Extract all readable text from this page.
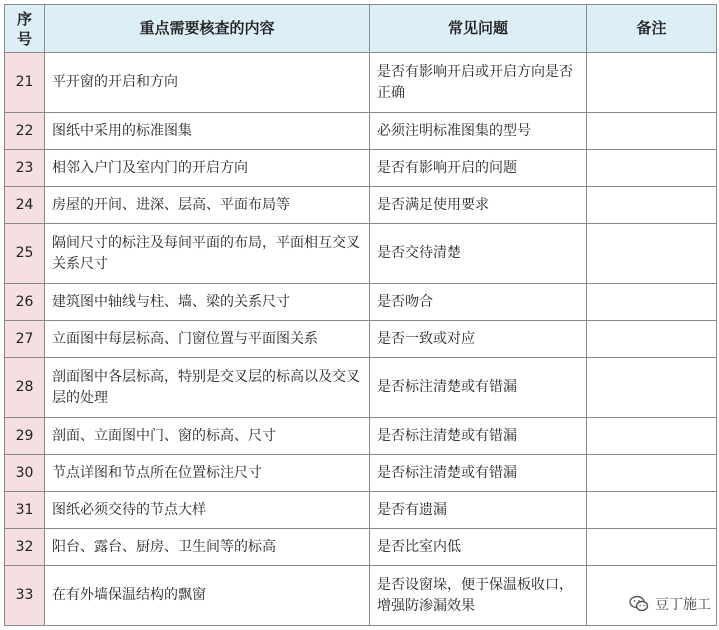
序号	重点需要核查的内容	常见问题	备注
21	平开窗的开启和方向	是否有影响开启或开启方向是否正确	
22	图纸中采用的标准图集	必须注明标准图集的型号	
23	相邻入户门及室内门的开启方向	是否有影响开启的问题	
24	房屋的开间、进深、层高、平面布局等	是否满足使用要求	
25	隔间尺寸的标注及每间平面的布局，平面相互交叉关系尺寸	是否交待清楚	
26	建筑图中轴线与柱、墙、梁的关系尺寸	是否吻合	
27	立面图中每层标高、门窗位置与平面图关系	是否一致或对应	
28	剖面图中各层标高，特别是交叉层的标高以及交叉层的处理	是否标注清楚或有错漏	
29	剖面、立面图中门、窗的标高、尺寸	是否标注清楚或有错漏	
30	节点详图和节点所在位置标注尺寸	是否标注清楚或有错漏	
31	图纸必须交待的节点大样	是否有遗漏	
32	阳台、露台、厨房、卫生间等的标高	是否比室内低	
33	在有外墙保温结构的飘窗	是否设窗垛，便于保温板收口，增强防渗漏效果		豆丁施工
